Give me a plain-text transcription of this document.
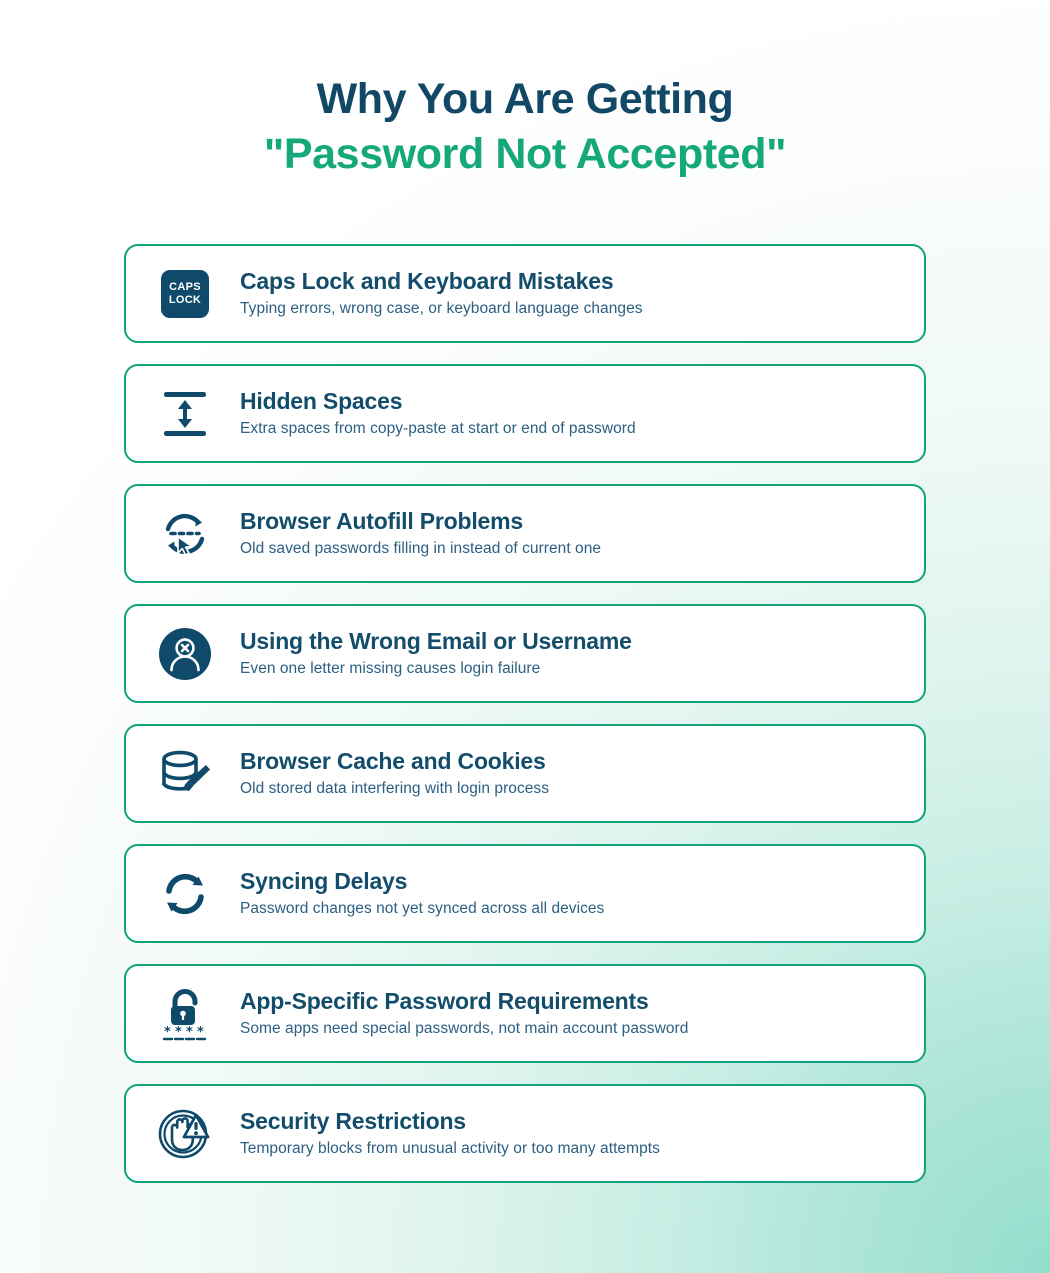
Why You Are Getting
"Password Not Accepted"
CAPS
LOCK

Caps Lock and Keyboard Mistakes

Typing errors, wrong case, or keyboard language changes

Hidden Spaces

Extra spaces from copy-paste at start or end of password

Browser Autofill Problems

Old saved passwords filling in instead of current one

Using the Wrong Email or Username

Even one letter missing causes login failure

Browser Cache and Cookies

Old stored data interfering with login process

Syncing Delays

Password changes not yet synced across all devices

* * * *

App-Specific Password Requirements

Some apps need special passwords, not main account password

Security Restrictions

Temporary blocks from unusual activity or too many attempts
